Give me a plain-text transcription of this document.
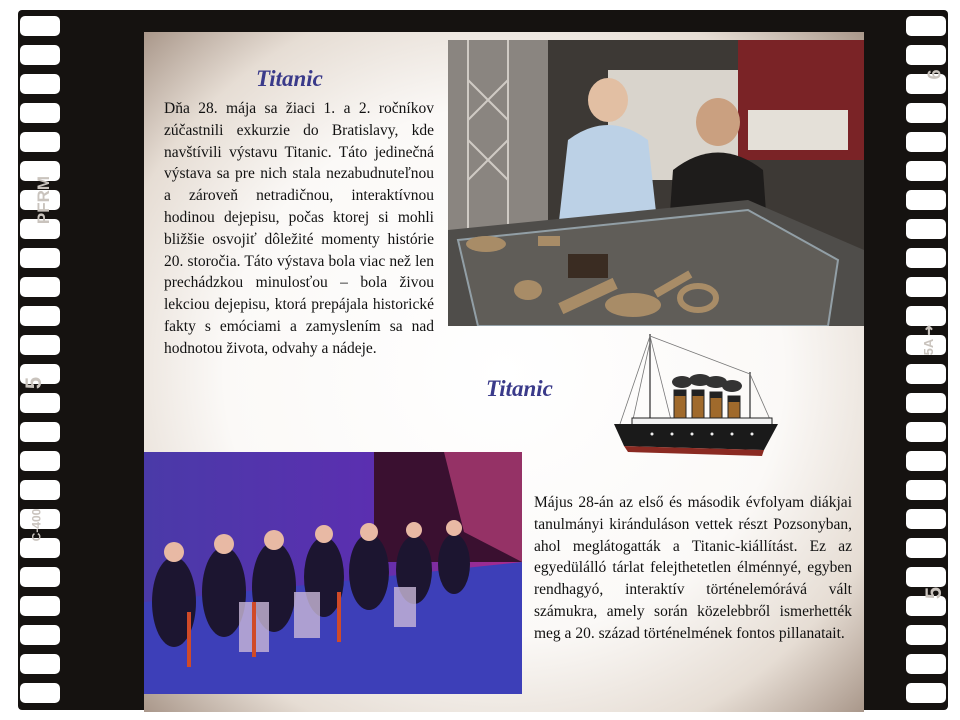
PFRM
5
C-400
6
5A ➜
5
Titanic

Dňa 28. mája sa žiaci 1. a 2. ročníkov zúčastnili exkurzie do Bratislavy, kde navštívili výstavu Titanic. Táto jedinečná výstava sa pre nich stala nezabudnuteľnou a zároveň netradičnou, interaktívnou hodinou dejepisu, počas ktorej si mohli bližšie osvojiť dôležité momenty histórie 20. storočia. Táto výstava bola viac než len prechádzkou minulosťou – bola živou lekciou dejepisu, ktorá prepájala historické fakty s emóciami a zamyslením sa nad hodnotou života, odvahy a nádeje.

Titanic

Május 28-án az első és második évfolyam diákjai tanulmányi kiránduláson vettek részt Pozsonyban, ahol meglátogatták a Titanic-kiállítást. Ez az egyedülálló tárlat felejthetetlen élménnyé, egyben rendhagyó, interaktív történelemórává vált számukra, amely során közelebbről ismerhették meg a 20. század történelmének fontos pillanatait.
